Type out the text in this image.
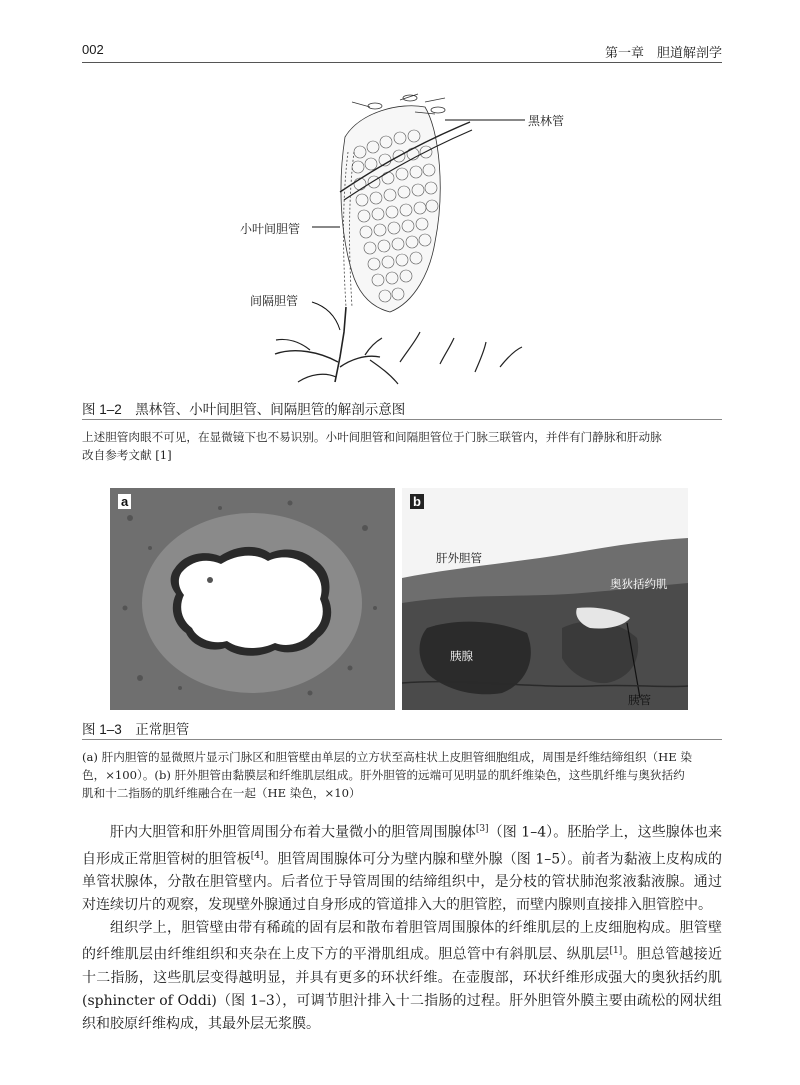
002	第一章　胆道解剖学
黑林管
小叶间胆管
间隔胆管
图 1–2　黑林管、小叶间胆管、间隔胆管的解剖示意图
上述胆管肉眼不可见，在显微镜下也不易识别。小叶间胆管和间隔胆管位于门脉三联管内，并伴有门静脉和肝动脉
改自参考文献 [1]
a	b
肝外胆管
奥狄括约肌
胰腺
胰管
图 1–3　正常胆管
(a) 肝内胆管的显微照片显示门脉区和胆管壁由单层的立方状至高柱状上皮胆管细胞组成，周围是纤维结缔组织（HE 染
色，×100）。(b) 肝外胆管由黏膜层和纤维肌层组成。肝外胆管的远端可见明显的肌纤维染色，这些肌纤维与奥狄括约
肌和十二指肠的肌纤维融合在一起（HE 染色，×10）

肝内大胆管和肝外胆管周围分布着大量微小的胆管周围腺体[3]（图 1–4）。胚胎学上，这些腺体也来自形成正常胆管树的胆管板[4]。胆管周围腺体可分为壁内腺和壁外腺（图 1–5）。前者为黏液上皮构成的单管状腺体，分散在胆管壁内。后者位于导管周围的结缔组织中，是分枝的管状肺泡浆液黏液腺。通过对连续切片的观察，发现壁外腺通过自身形成的管道排入大的胆管腔，而壁内腺则直接排入胆管腔中。

组织学上，胆管壁由带有稀疏的固有层和散布着胆管周围腺体的纤维肌层的上皮细胞构成。胆管壁的纤维肌层由纤维组织和夹杂在上皮下方的平滑肌组成。胆总管中有斜肌层、纵肌层[1]。胆总管越接近十二指肠，这些肌层变得越明显，并具有更多的环状纤维。在壶腹部，环状纤维形成强大的奥狄括约肌 (sphincter of Oddi)（图 1–3），可调节胆汁排入十二指肠的过程。肝外胆管外膜主要由疏松的网状组织和胶原纤维构成，其最外层无浆膜。
